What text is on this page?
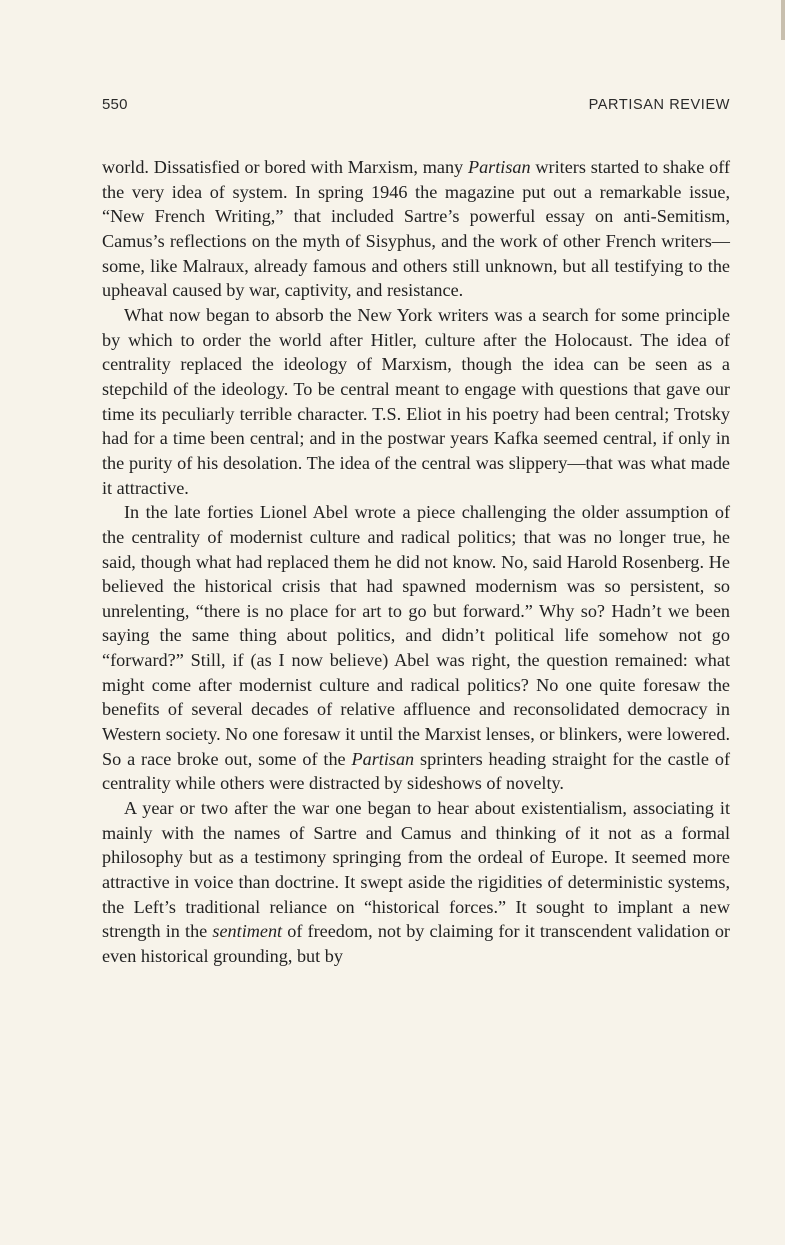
550	PARTISAN REVIEW

world. Dissatisfied or bored with Marxism, many Partisan writers started to shake off the very idea of system. In spring 1946 the magazine put out a remarkable issue, “New French Writing,” that included Sartre’s powerful essay on anti-Semitism, Camus’s reflections on the myth of Sisyphus, and the work of other French writers—some, like Malraux, already famous and others still unknown, but all testifying to the upheaval caused by war, captivity, and resistance.

What now began to absorb the New York writers was a search for some principle by which to order the world after Hitler, culture after the Holocaust. The idea of centrality replaced the ideology of Marxism, though the idea can be seen as a stepchild of the ideology. To be central meant to engage with questions that gave our time its peculiarly terrible character. T.S. Eliot in his poetry had been central; Trotsky had for a time been central; and in the postwar years Kafka seemed central, if only in the purity of his desolation. The idea of the central was slippery—that was what made it attractive.

In the late forties Lionel Abel wrote a piece challenging the older assumption of the centrality of modernist culture and radical politics; that was no longer true, he said, though what had replaced them he did not know. No, said Harold Rosenberg. He believed the historical crisis that had spawned modernism was so persistent, so unrelenting, “there is no place for art to go but forward.” Why so? Hadn’t we been saying the same thing about politics, and didn’t political life somehow not go “forward?” Still, if (as I now believe) Abel was right, the question remained: what might come after modernist culture and radical politics? No one quite foresaw the benefits of several decades of relative affluence and reconsolidated democracy in Western society. No one foresaw it until the Marxist lenses, or blinkers, were lowered. So a race broke out, some of the Partisan sprinters heading straight for the castle of centrality while others were distracted by sideshows of novelty.

A year or two after the war one began to hear about existentialism, associating it mainly with the names of Sartre and Camus and thinking of it not as a formal philosophy but as a testimony springing from the ordeal of Europe. It seemed more attractive in voice than doctrine. It swept aside the rigidities of deterministic systems, the Left’s traditional reliance on “historical forces.” It sought to implant a new strength in the sentiment of freedom, not by claiming for it transcendent validation or even historical grounding, but by
